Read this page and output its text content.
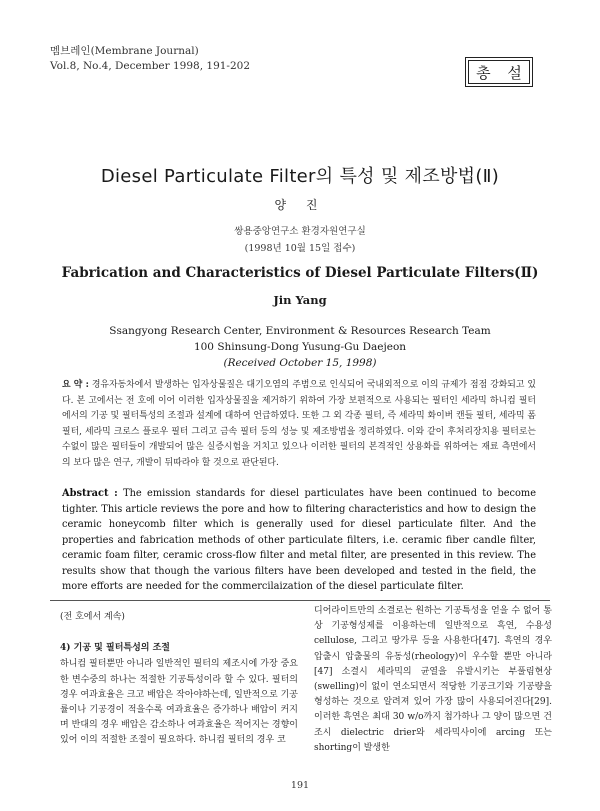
멤브레인(Membrane Journal)
Vol.8, No.4, December 1998, 191-202	총 설
Diesel Particulate Filter의 특성 및 제조방법(Ⅱ)
양 진
쌍용중앙연구소 환경자원연구실
(1998년 10월 15일 접수)
Fabrication and Characteristics of Diesel Particulate Filters(Ⅱ)
Jin Yang
Ssangyong Research Center, Environment & Resources Research Team
100 Shinsung-Dong Yusung-Gu Daejeon
(Received October 15, 1998)
요 약 : 경유자동차에서 발생하는 입자상물질은 대기오염의 주범으로 인식되어 국내외적으로 이의 규제가 점점 강화되고 있다. 본 고에서는 전 호에 이어 이러한 입자상물질을 제거하기 위하여 가장 보편적으로 사용되는 필터인 세라믹 하니컴 필터에서의 기공 및 필터특성의 조절과 설계에 대하여 언급하였다. 또한 그 외 각종 필터, 즉 세라믹 화이버 캔들 필터, 세라믹 폼 필터, 세라믹 크로스 플로우 필터 그리고 금속 필터 등의 성능 및 제조방법을 정리하였다. 이와 같이 후처리장치용 필터로는 수없이 많은 필터들이 개발되어 많은 실증시험을 거치고 있으나 이러한 필터의 본격적인 상용화를 위하여는 재료 측면에서의 보다 많은 연구, 개발이 뒤따라야 할 것으로 판단된다.
Abstract : The emission standards for diesel particulates have been continued to become tighter. This article reviews the pore and how to filtering characteristics and how to design the ceramic honeycomb filter which is generally used for diesel particulate filter. And the properties and fabrication methods of other particulate filters, i.e. ceramic fiber candle filter, ceramic foam filter, ceramic cross-flow filter and metal filter, are presented in this review. The results show that though the various filters have been developed and tested in the field, the more efforts are needed for the commercilaization of the diesel particulate filter.
(전 호에서 계속)
4) 기공 및 필터특성의 조절
하니컴 필터뿐만 아니라 일반적인 필터의 제조시에 가장 중요한 변수중의 하나는 적절한 기공특성이라 할 수 있다. 필터의 경우 여과효율은 크고 배압은 작아야하는데, 일반적으로 기공률이나 기공경이 적을수록 여과효율은 증가하나 배압이 커지며 반대의 경우 배압은 감소하나 여과효율은 적어지는 경향이 있어 이의 적절한 조절이 필요하다. 하니컴 필터의 경우 코
디어라이트만의 소결로는 원하는 기공특성을 얻을 수 없어 통상 기공형성제를 이용하는데 일반적으로 흑연, 수용성 cellulose, 그리고 땅가루 등을 사용한다[47]. 흑연의 경우 압출시 압출물의 유동성(rheology)이 우수할 뿐만 아니라[47] 소결시 세라믹의 균열을 유발시키는 부풀림현상(swelling)이 없이 연소되면서 적당한 기공크기와 기공량을 형성하는 것으로 알려져 있어 가장 많이 사용되어진다[29]. 이러한 흑연은 최대 30 w/o까지 첨가하나 그 양이 많으면 건조시 dielectric drier와 세라믹사이에 arcing 또는 shorting이 발생한
191
